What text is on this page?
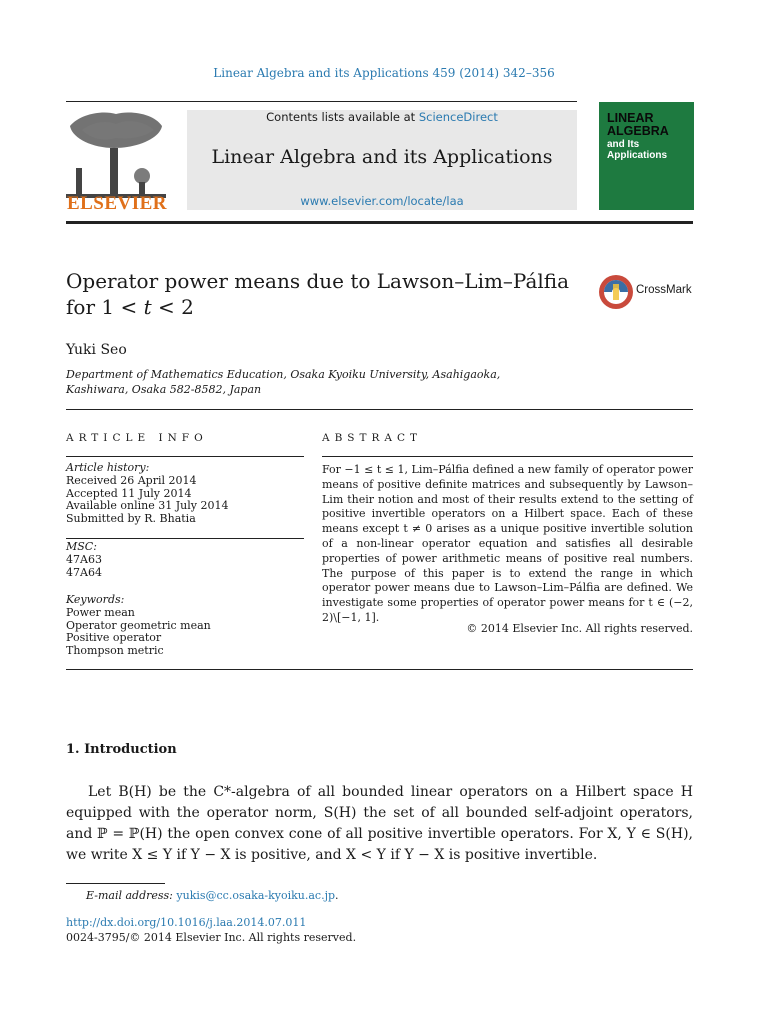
Linear Algebra and its Applications 459 (2014) 342–356
ELSEVIER
Contents lists available at ScienceDirect
Linear Algebra and its Applications
www.elsevier.com/locate/laa
LINEAR ALGEBRA
and Its Applications
Operator power means due to Lawson–Lim–Pálfia
for 1 < t < 2
CrossMark
Yuki Seo
Department of Mathematics Education, Osaka Kyoiku University, Asahigaoka, Kashiwara, Osaka 582-8582, Japan
ARTICLE INFO	ABSTRACT
Article history:
Received 26 April 2014
Accepted 11 July 2014
Available online 31 July 2014
Submitted by R. Bhatia
MSC:
47A63
47A64
Keywords:
Power mean
Operator geometric mean
Positive operator
Thompson metric
For −1 ≤ t ≤ 1, Lim–Pálfia defined a new family of operator power means of positive definite matrices and subsequently by Lawson–Lim their notion and most of their results extend to the setting of positive invertible operators on a Hilbert space. Each of these means except t ≠ 0 arises as a unique positive invertible solution of a non-linear operator equation and satisfies all desirable properties of power arithmetic means of positive real numbers. The purpose of this paper is to extend the range in which operator power means due to Lawson–Lim–Pálfia are defined. We investigate some properties of operator power means for t ∈ (−2, 2)\[−1, 1].
© 2014 Elsevier Inc. All rights reserved.
1. Introduction
Let B(H) be the C*-algebra of all bounded linear operators on a Hilbert space H equipped with the operator norm, S(H) the set of all bounded self-adjoint operators, and ℙ = ℙ(H) the open convex cone of all positive invertible operators. For X, Y ∈ S(H), we write X ≤ Y if Y − X is positive, and X < Y if Y − X is positive invertible.
E-mail address: yukis@cc.osaka-kyoiku.ac.jp.
http://dx.doi.org/10.1016/j.laa.2014.07.011
0024-3795/© 2014 Elsevier Inc. All rights reserved.
